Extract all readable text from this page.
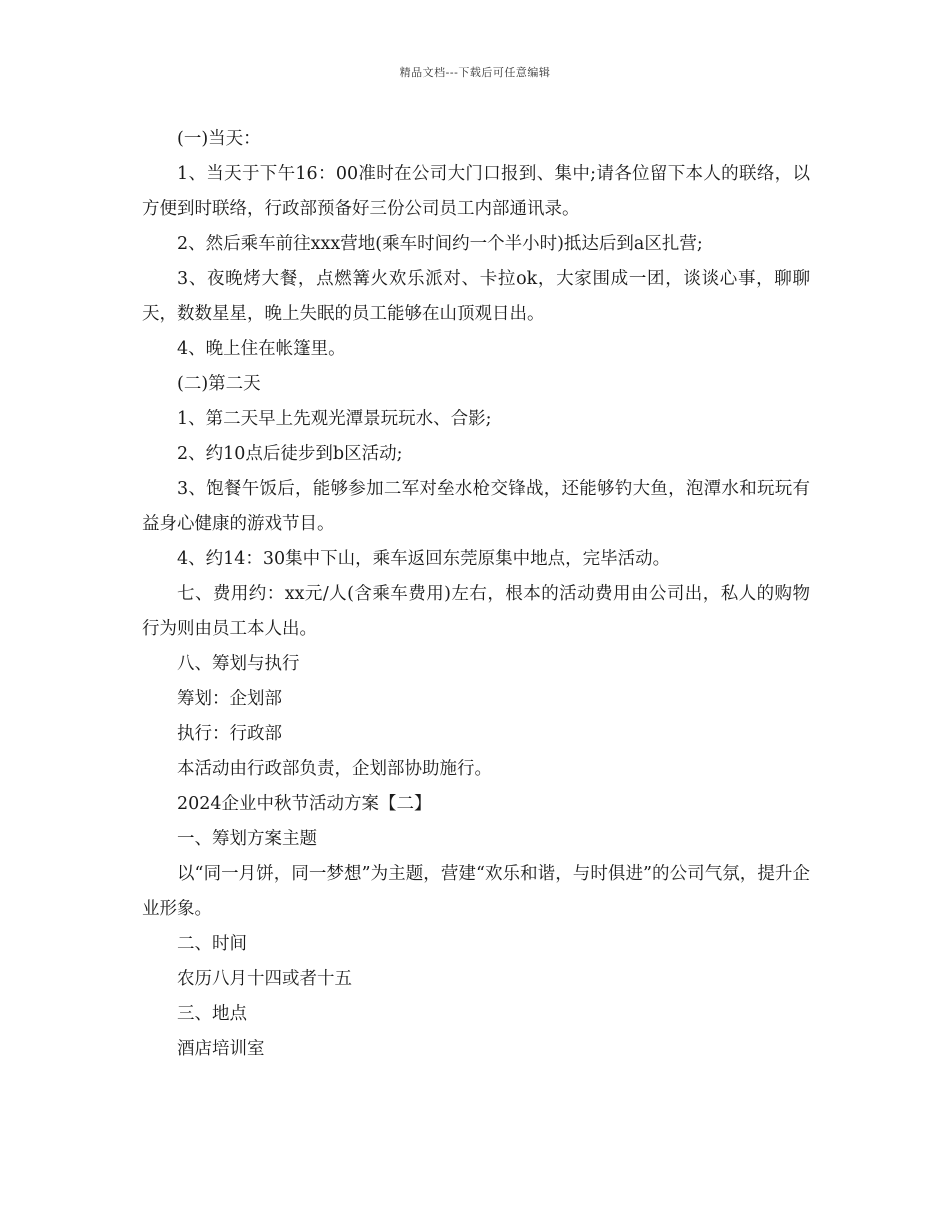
精品文档---下载后可任意编辑

(一)当天：

1、当天于下午16：00准时在公司大门口报到、集中;请各位留下本人的联络，以方便到时联络，行政部预备好三份公司员工内部通讯录。

2、然后乘车前往xxx营地(乘车时间约一个半小时)抵达后到a区扎营;

3、夜晚烤大餐，点燃篝火欢乐派对、卡拉ok，大家围成一团，谈谈心事，聊聊天，数数星星，晚上失眠的员工能够在山顶观日出。

4、晚上住在帐篷里。

(二)第二天

1、第二天早上先观光潭景玩玩水、合影;

2、约10点后徒步到b区活动;

3、饱餐午饭后，能够参加二军对垒水枪交锋战，还能够钓大鱼，泡潭水和玩玩有益身心健康的游戏节目。

4、约14：30集中下山，乘车返回东莞原集中地点，完毕活动。

七、费用约：xx元/人(含乘车费用)左右，根本的活动费用由公司出，私人的购物行为则由员工本人出。

八、筹划与执行

筹划：企划部

执行：行政部

本活动由行政部负责，企划部协助施行。

2024企业中秋节活动方案【二】

一、筹划方案主题

以“同一月饼，同一梦想”为主题，营建“欢乐和谐，与时俱进”的公司气氛，提升企业形象。

二、时间

农历八月十四或者十五

三、地点

酒店培训室
